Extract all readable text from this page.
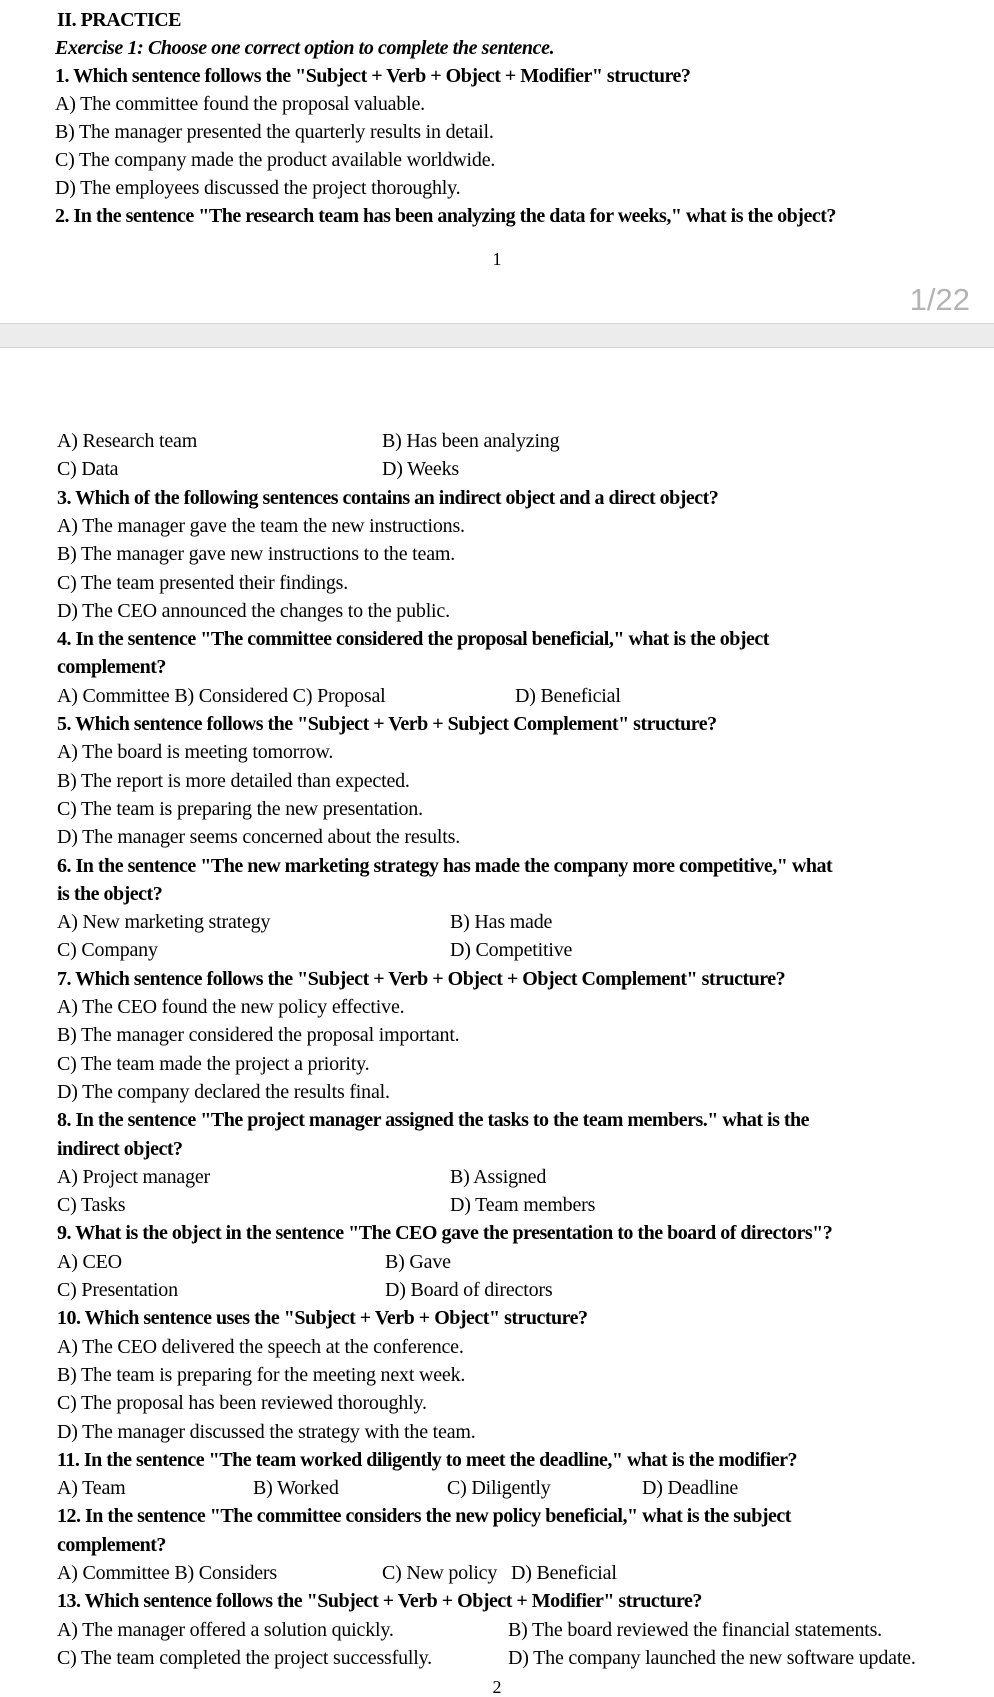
II. PRACTICE
Exercise 1: Choose one correct option to complete the sentence.
1. Which sentence follows the "Subject + Verb + Object + Modifier" structure?
A) The committee found the proposal valuable.
B) The manager presented the quarterly results in detail.
C) The company made the product available worldwide.
D) The employees discussed the project thoroughly.
2. In the sentence "The research team has been analyzing the data for weeks," what is the object?
1
A) Research team	B) Has been analyzing
C) Data	D) Weeks
3. Which of the following sentences contains an indirect object and a direct object?
A) The manager gave the team the new instructions.
B) The manager gave new instructions to the team.
C) The team presented their findings.
D) The CEO announced the changes to the public.
4. In the sentence "The committee considered the proposal beneficial," what is the object
complement?
A) Committee B) Considered C) Proposal	D) Beneficial
5. Which sentence follows the "Subject + Verb + Subject Complement" structure?
A) The board is meeting tomorrow.
B) The report is more detailed than expected.
C) The team is preparing the new presentation.
D) The manager seems concerned about the results.
6. In the sentence "The new marketing strategy has made the company more competitive," what
is the object?
A) New marketing strategy	B) Has made
C) Company	D) Competitive
7. Which sentence follows the "Subject + Verb + Object + Object Complement" structure?
A) The CEO found the new policy effective.
B) The manager considered the proposal important.
C) The team made the project a priority.
D) The company declared the results final.
8. In the sentence "The project manager assigned the tasks to the team members." what is the
indirect object?
A) Project manager	B) Assigned
C) Tasks	D) Team members
9. What is the object in the sentence "The CEO gave the presentation to the board of directors"?
A) CEO	B) Gave
C) Presentation	D) Board of directors
10. Which sentence uses the "Subject + Verb + Object" structure?
A) The CEO delivered the speech at the conference.
B) The team is preparing for the meeting next week.
C) The proposal has been reviewed thoroughly.
D) The manager discussed the strategy with the team.
11. In the sentence "The team worked diligently to meet the deadline," what is the modifier?
A) Team	B) Worked	C) Diligently	D) Deadline
12. In the sentence "The committee considers the new policy beneficial," what is the subject
complement?
A) Committee B) Considers	C) New policy D) Beneficial
13. Which sentence follows the "Subject + Verb + Object + Modifier" structure?
A) The manager offered a solution quickly.	B) The board reviewed the financial statements.
C) The team completed the project successfully.	D) The company launched the new software update.
2
1/22
